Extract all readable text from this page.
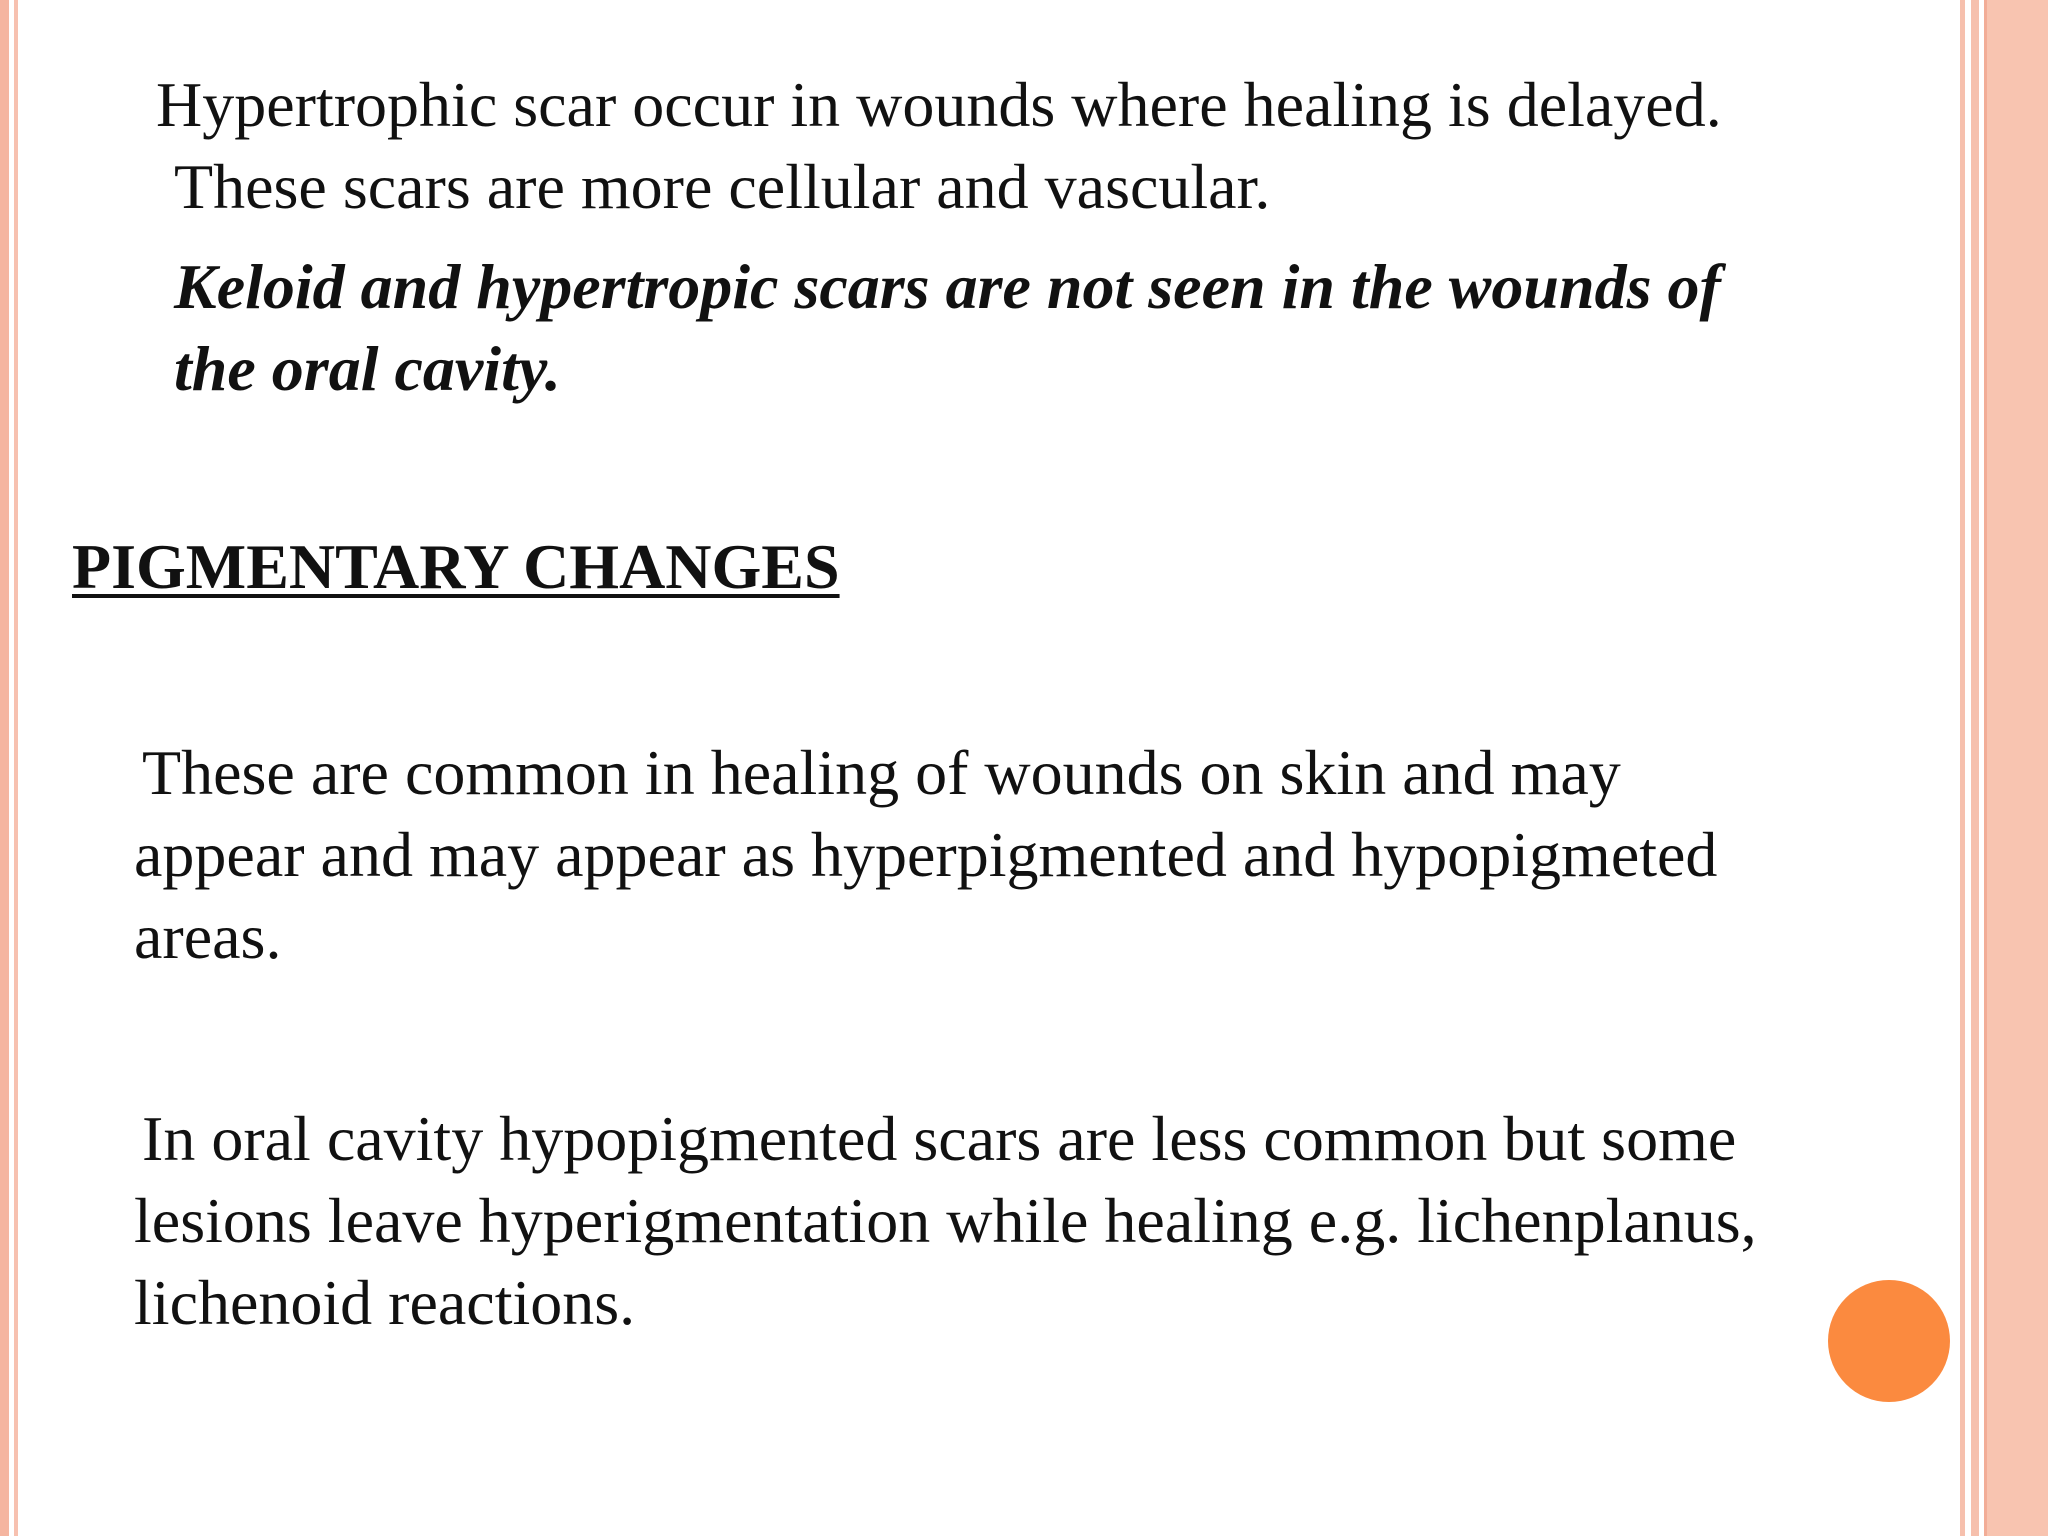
Hypertrophic scar occur in wounds where healing is delayed.
These scars are more cellular and vascular.

Keloid and hypertropic scars are not seen in the wounds of
the oral cavity.

PIGMENTARY CHANGES

These are common in healing of wounds on skin and may
appear and may appear as hyperpigmented and hypopigmeted
areas.

In oral cavity hypopigmented scars are less common but some
lesions leave hyperigmentation while healing e.g. lichenplanus,
lichenoid reactions.
